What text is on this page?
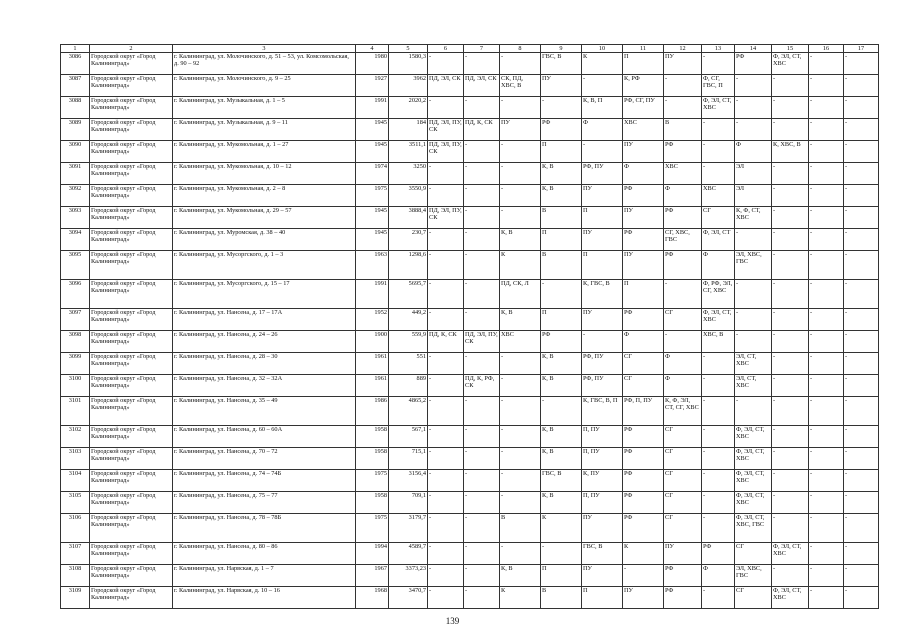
1	2	3	4	5	6	7	8	9	10	11	12	13	14	15	16	17
3086	Городской округ «Город Калининград»	г. Калининград, ул. Молочинского, д. 51 – 53, ул. Комсомольская, д. 90 – 92	1980	1580,3	-	-	-	ГВС, В	К	П	ПУ	-	РФ	Ф, ЭЛ, СТ, ХВС	-	-
3087	Городской округ «Город Калининград»	г. Калининград, ул. Молочинского, д. 9 – 25	1927	3962	ПД, ЭЛ, СК	ПД, ЭЛ, СК	СК, ПД, ХВС, В	ПУ	-	К, РФ	-	Ф, СГ, ГВС, П	-	-	-	-
3088	Городской округ «Город Калининград»	г. Калининград, ул. Музыкальная, д. 1 – 5	1991	2020,2	-	-	-	-	К, В, П	РФ, СГ, ПУ	-	Ф, ЭЛ, СТ, ХВС	-	-	-	-
3089	Городской округ «Город Калининград»	г. Калининград, ул. Музыкальная, д. 9 – 11	1945	184	ПД, ЭЛ, ПУ, СК	ПД, К, СК	ПУ	РФ	Ф	ХВС	В	-	-	-	-	-
3090	Городской округ «Город Калининград»	г. Калининград, ул. Мукомольная, д. 1 – 27	1945	3511,1	ПД, ЭЛ, ПУ, СК	-	-	П	-	ПУ	РФ	-	Ф	К, ХВС, В	-	-
3091	Городской округ «Город Калининград»	г. Калининград, ул. Мукомольная, д. 10 – 12	1974	3250	-	-	-	К, В	РФ, ПУ	Ф	ХВС	-	ЭЛ	-	-	-
3092	Городской округ «Город Калининград»	г. Калининград, ул. Мукомольная, д. 2 – 8	1975	3550,9	-	-	-	К, В	ПУ	РФ	Ф	ХВС	ЭЛ	-	-	-
3093	Городской округ «Город Калининград»	г. Калининград, ул. Мукомольная, д. 29 – 57	1945	3888,4	ПД, ЭЛ, ПУ, СК	-	-	В	П	ПУ	РФ	СГ	К, Ф, СТ, ХВС	-	-	-
3094	Городской округ «Город Калининград»	г. Калининград, ул. Муромская, д. 38 – 40	1945	230,7	-	-	К, В	П	ПУ	РФ	СГ, ХВС, ГВС	Ф, ЭЛ, СТ	-	-	-	-
3095	Городской округ «Город Калининград»	г. Калининград, ул. Мусоргского, д. 1 – 3	1963	1298,6	-	-	К	В	П	ПУ	РФ	Ф	ЭЛ, ХВС, ГВС	-	-	-
3096	Городской округ «Город Калининград»	г. Калининград, ул. Мусоргского, д. 15 – 17	1991	5695,7	-	-	ПД, СК, Л	-	К, ГВС, В	П	-	Ф, РФ, ЭЛ, СГ, ХВС	-	-	-	-
3097	Городской округ «Город Калининград»	г. Калининград, ул. Нансена, д. 17 – 17А	1952	449,2	-	-	К, В	П	ПУ	РФ	СГ	Ф, ЭЛ, СТ, ХВС	-	-	-	-
3098	Городской округ «Город Калининград»	г. Калининград, ул. Нансена, д. 24 – 26	1900	559,9	ПД, К, СК	ПД, ЭЛ, ПУ, СК	ХВС	РФ	-	Ф	-	ХВС, В	-	-	-	-
3099	Городской округ «Город Калининград»	г. Калининград, ул. Нансена, д. 28 – 30	1961	551	-	-	-	К, В	РФ, ПУ	СГ	Ф	-	ЭЛ, СТ, ХВС	-	-	-
3100	Городской округ «Город Калининград»	г. Калининград, ул. Нансена, д. 32 – 32А	1961	889	-	ПД, К, РФ, СК	-	К, В	РФ, ПУ	СГ	Ф	-	ЭЛ, СТ, ХВС	-	-	-
3101	Городской округ «Город Калининград»	г. Калининград, ул. Нансена, д. 35 – 49	1986	4865,2	-	-	-	-	К, ГВС, В, П	РФ, П, ПУ	К, Ф, ЭЛ, СТ, СГ, ХВС	-	-	-	-	-
3102	Городской округ «Город Калининград»	г. Калининград, ул. Нансена, д. 60 – 60А	1958	567,1	-	-	-	К, В	П, ПУ	РФ	СГ	-	Ф, ЭЛ, СТ, ХВС	-	-	-
3103	Городской округ «Город Калининград»	г. Калининград, ул. Нансена, д. 70 – 72	1958	715,1	-	-	-	К, В	П, ПУ	РФ	СГ	-	Ф, ЭЛ, СТ, ХВС	-	-	-
3104	Городской округ «Город Калининград»	г. Калининград, ул. Нансена, д. 74 – 74Б	1975	3156,4	-	-	-	ГВС, В	К, ПУ	РФ	СГ	-	Ф, ЭЛ, СТ, ХВС	-	-	-
3105	Городской округ «Город Калининград»	г. Калининград, ул. Нансена, д. 75 – 77	1958	709,1	-	-	-	К, В	П, ПУ	РФ	СГ	-	Ф, ЭЛ, СТ, ХВС	-	-	-
3106	Городской округ «Город Калининград»	г. Калининград, ул. Нансена, д. 78 – 78Б	1975	3179,7	-	-	В	К	ПУ	РФ	СГ	-	Ф, ЭЛ, СТ, ХВС, ГВС	-	-	-
3107	Городской округ «Город Калининград»	г. Калининград, ул. Нансена, д. 80 – 86	1994	4589,7	-	-	-	-	ГВС, В	К	ПУ	РФ	СГ	Ф, ЭЛ, СТ, ХВС	-	-
3108	Городской округ «Город Калининград»	г. Калининград, ул. Нарвская, д. 1 – 7	1967	3373,23	-	-	К, В	П	ПУ	-	РФ	Ф	ЭЛ, ХВС, ГВС	-	-	-
3109	Городской округ «Город Калининград»	г. Калининград, ул. Нарвская, д. 10 – 16	1968	3470,7	-	-	К	В	П	ПУ	РФ	-	СГ	Ф, ЭЛ, СТ, ХВС	-	-
139
